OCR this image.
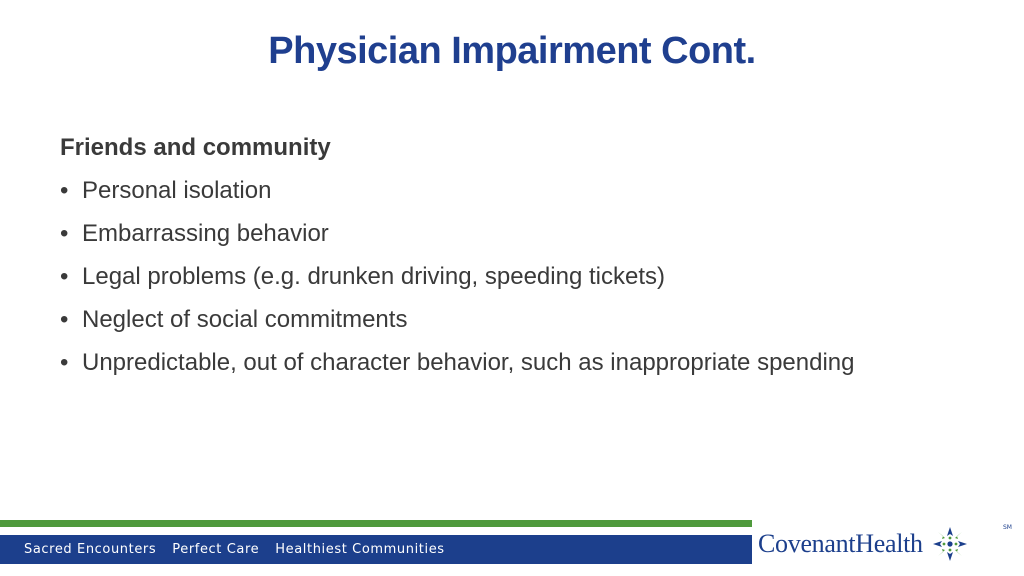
Physician Impairment Cont.
Friends and community
• Personal isolation
• Embarrassing behavior
• Legal problems (e.g. drunken driving, speeding tickets)
• Neglect of social commitments
• Unpredictable, out of character behavior, such as inappropriate spending
Sacred Encounters Perfect Care Healthiest Communities	CovenantHealth
SM
